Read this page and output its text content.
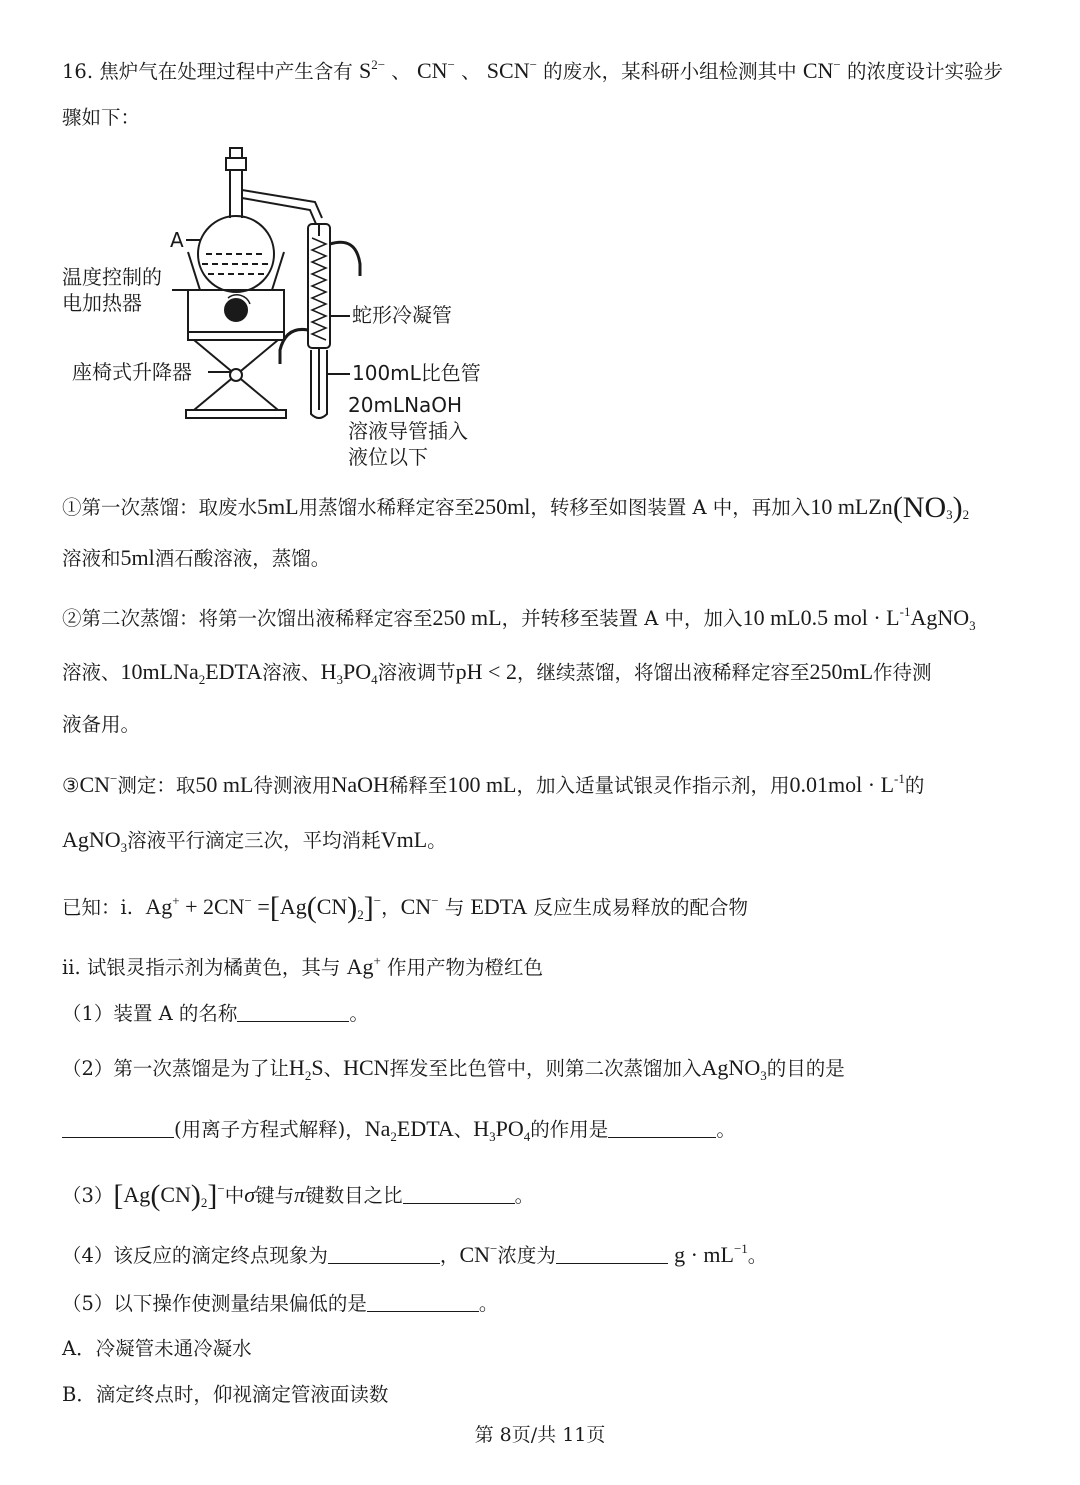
16. 焦炉气在处理过程中产生含有 $S^{2-}$ 、 CN− 、 SCN− 的废水，某科研小组检测其中 CN− 的浓度设计实验步
骤如下：
A
温度控制的
电加热器
座椅式升降器
蛇形冷凝管
100mL比色管
20mLNaOH
溶液导管插入
液位以下
①第一次蒸馏：取废水5mL用蒸馏水稀释定容至250ml，转移至如图装置 A 中，再加入10 $mLZn(NO_3)_2$
溶液和5ml酒石酸溶液，蒸馏。
②第二次蒸馏：将第一次馏出液稀释定容至250 mL，并转移至装置 A 中，加入10 mL0.5 mol · $L^{-1}AgNO_3$
溶液、10mLNa$_2$EDTA溶液、$H_3PO_4$溶液调节pH < 2，继续蒸馏，将馏出液稀释定容至250mL作待测
液备用。
③CN−测定：取50 mL待测液用NaOH稀释至100 mL，加入适量试银灵作指示剂，用$0.01mol \cdot L^{-1}$的
AgNO$_3$溶液平行滴定三次，平均消耗VmL。
已知：i. $Ag^+ + 2CN^- =[Ag(CN)_2]^-$，CN− 与 EDTA 反应生成易释放的配合物
ii. 试银灵指示剂为橘黄色，其与 Ag+ 作用产物为橙红色
（1）装置 A 的名称	。
（2）第一次蒸馏是为了让$H_2S$、HCN挥发至比色管中，则第二次蒸馏加入AgNO$_3$的目的是
(用离子方程式解释)，$Na_2EDTA$、$H_3PO_4$的作用是	。
$(3)[Ag(CN)_2]^-$中σ键与π键数目之比	。
（4）该反应的滴定终点现象为	，CN−浓度为	$g \cdot mL^{-1}$。
（5）以下操作使测量结果偏低的是	。
A．冷凝管未通冷凝水
B．滴定终点时，仰视滴定管液面读数
第 8页/共 11页
